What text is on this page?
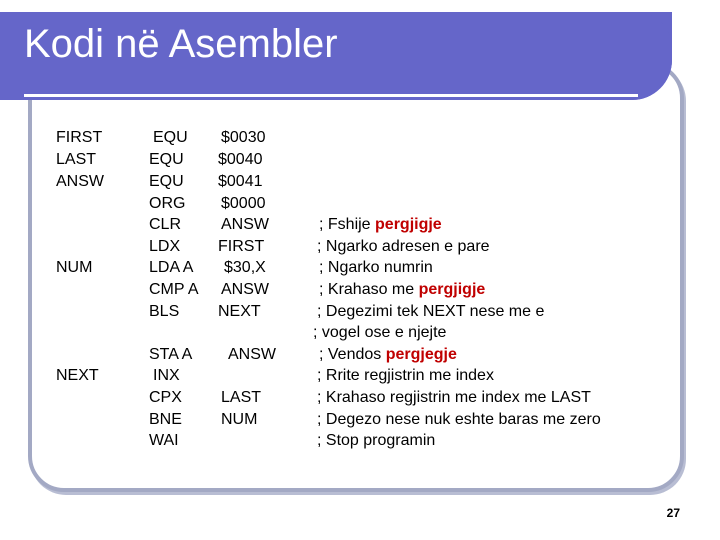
Kodi në Asembler
FIRST
LAST
ANSW
NUM
NEXT
EQU
EQU
EQU
ORG
CLR
LDX
LDA A
CMP A
BLS
STA A
INX
CPX
BNE
WAI
$0030
$0040
$0041
$0000
ANSW
FIRST
$30,X
ANSW
NEXT
ANSW
LAST
NUM
; Fshije pergjigje
; Ngarko adresen e pare
; Ngarko numrin
; Krahaso me pergjigje
; Degezimi tek NEXT nese me e
; vogel ose e njejte
; Vendos pergjegje
; Rrite regjistrin me index
; Krahaso regjistrin me index me LAST
; Degezo nese nuk eshte baras me zero
; Stop programin
27
